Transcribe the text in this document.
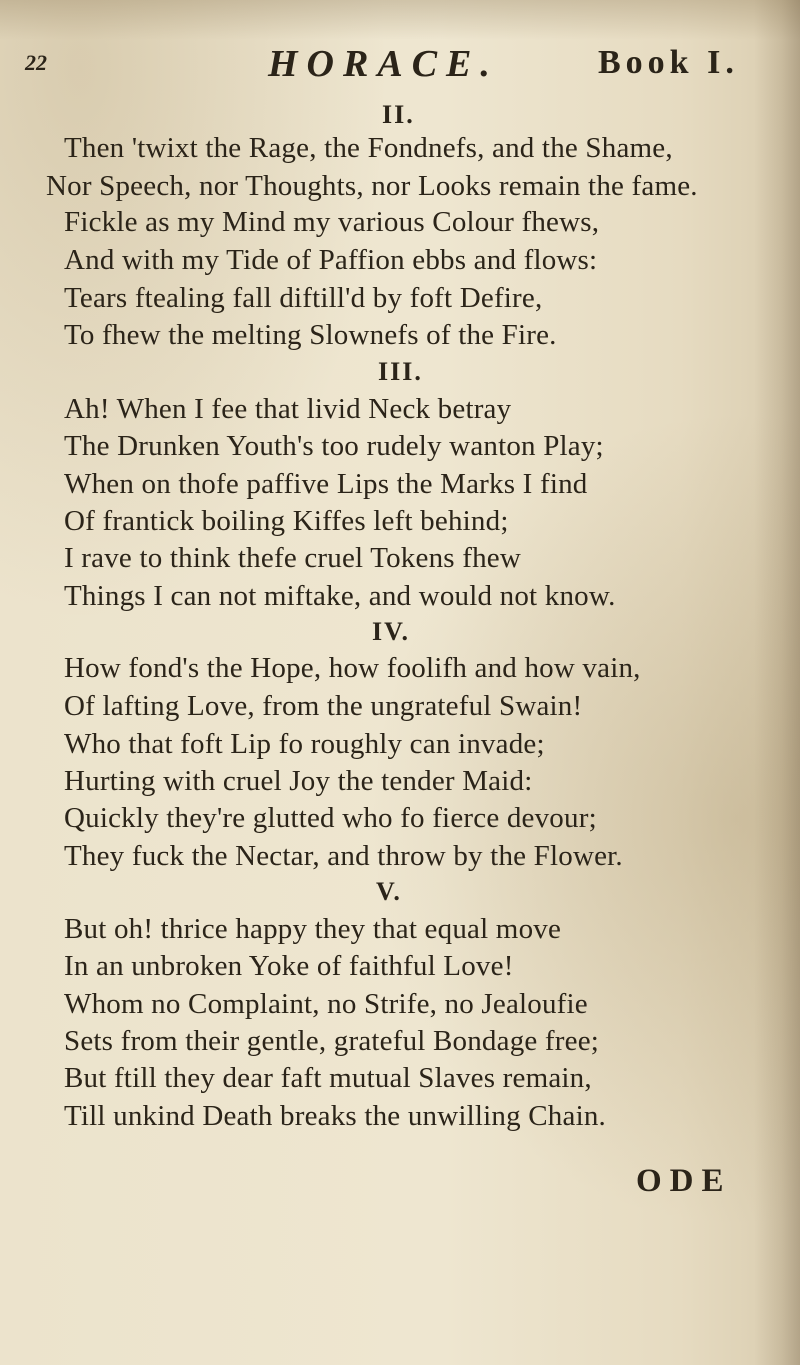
22	HORACE.	Book I.
II.
Then 'twixt the Rage, the Fondnefs, and the Shame,
Nor Speech, nor Thoughts, nor Looks remain the fame.
Fickle as my Mind my various Colour fhews,
And with my Tide of Paffion ebbs and flows:
Tears ftealing fall diftill'd by foft Defire,
To fhew the melting Slownefs of the Fire.
III.
Ah! When I fee that livid Neck betray
The Drunken Youth's too rudely wanton Play;
When on thofe paffive Lips the Marks I find
Of frantick boiling Kiffes left behind;
I rave to think thefe cruel Tokens fhew
Things I can not miftake, and would not know.
IV.
How fond's the Hope, how foolifh and how vain,
Of lafting Love, from the ungrateful Swain!
Who that foft Lip fo roughly can invade;
Hurting with cruel Joy the tender Maid:
Quickly they're glutted who fo fierce devour;
They fuck the Nectar, and throw by the Flower.
V.
But oh! thrice happy they that equal move
In an unbroken Yoke of faithful Love!
Whom no Complaint, no Strife, no Jealoufie
Sets from their gentle, grateful Bondage free;
But ftill they dear faft mutual Slaves remain,
Till unkind Death breaks the unwilling Chain.
ODE
